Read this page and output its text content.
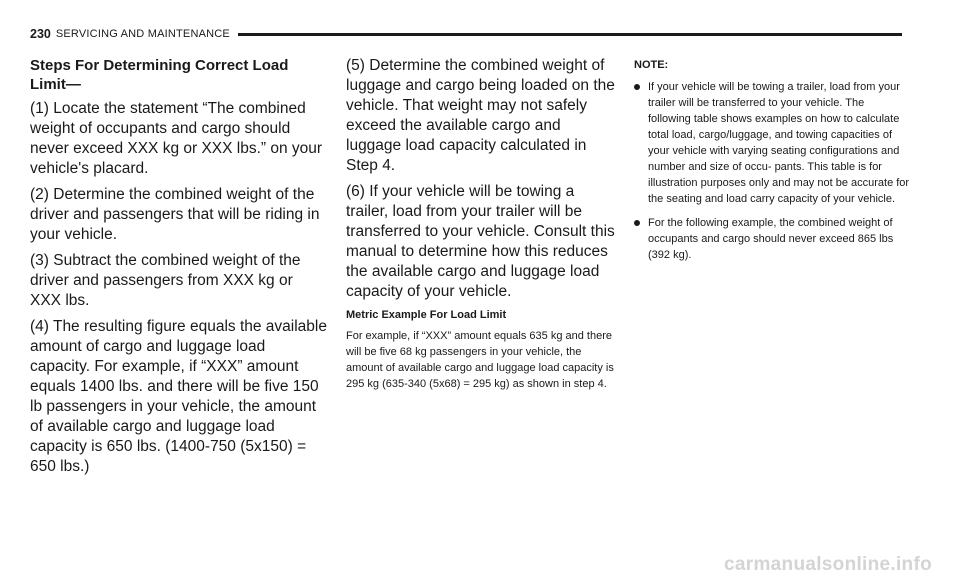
230 SERVICING AND MAINTENANCE

Steps For Determining Correct Load Limit—

(1) Locate the statement “The combined weight of occupants and cargo should never exceed XXX kg or XXX lbs.” on your vehicle's placard.

(2) Determine the combined weight of the driver and passengers that will be riding in your vehicle.

(3) Subtract the combined weight of the driver and passengers from XXX kg or XXX lbs.

(4) The resulting figure equals the available amount of cargo and luggage load capacity. For example, if “XXX” amount equals 1400 lbs. and there will be five 150 lb passengers in your vehicle, the amount of available cargo and luggage load capacity is 650 lbs. (1400-750 (5x150) = 650 lbs.)

(5) Determine the combined weight of luggage and cargo being loaded on the vehicle. That weight may not safely exceed the available cargo and luggage load capacity calculated in Step 4.

(6) If your vehicle will be towing a trailer, load from your trailer will be transferred to your vehicle. Consult this manual to determine how this reduces the available cargo and luggage load capacity of your vehicle.

Metric Example For Load Limit

For example, if “XXX” amount equals 635 kg and there will be five 68 kg passengers in your vehicle, the amount of available cargo and luggage load capacity is 295 kg (635-340 (5x68) = 295 kg) as shown in step 4.

NOTE:

If your vehicle will be towing a trailer, load from your trailer will be transferred to your vehicle. The following table shows examples on how to calculate total load, cargo/luggage, and towing capacities of your vehicle with varying seating configurations and number and size of occu- pants. This table is for illustration purposes only and may not be accurate for the seating and load carry capacity of your vehicle.
For the following example, the combined weight of occupants and cargo should never exceed 865 lbs (392 kg).
carmanualsonline.info
